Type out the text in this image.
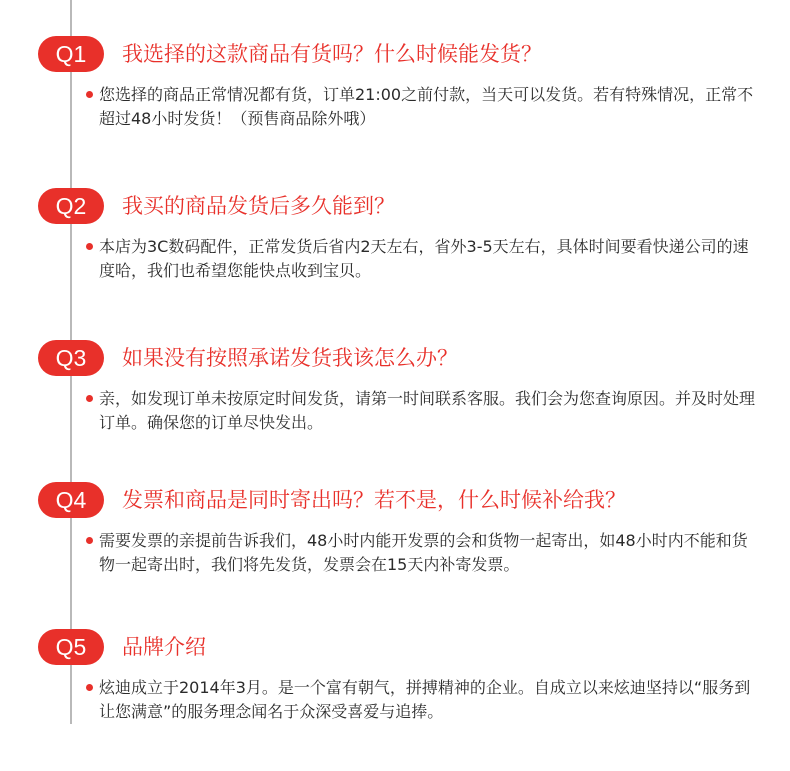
Q1	我选择的这款商品有货吗？什么时候能发货？
您选择的商品正常情况都有货，订单21:00之前付款，当天可以发货。若有特殊情况，正常不超过48小时发货！（预售商品除外哦）
Q2	我买的商品发货后多久能到？
本店为3C数码配件，正常发货后省内2天左右，省外3-5天左右，具体时间要看快递公司的速度哈，我们也希望您能快点收到宝贝。
Q3	如果没有按照承诺发货我该怎么办？
亲，如发现订单未按原定时间发货，请第一时间联系客服。我们会为您查询原因。并及时处理订单。确保您的订单尽快发出。
Q4	发票和商品是同时寄出吗？若不是，什么时候补给我？
需要发票的亲提前告诉我们，48小时内能开发票的会和货物一起寄出，如48小时内不能和货物一起寄出时，我们将先发货，发票会在15天内补寄发票。
Q5	品牌介绍
炫迪成立于2014年3月。是一个富有朝气，拼搏精神的企业。自成立以来炫迪坚持以“服务到让您满意”的服务理念闻名于众深受喜爱与追捧。
